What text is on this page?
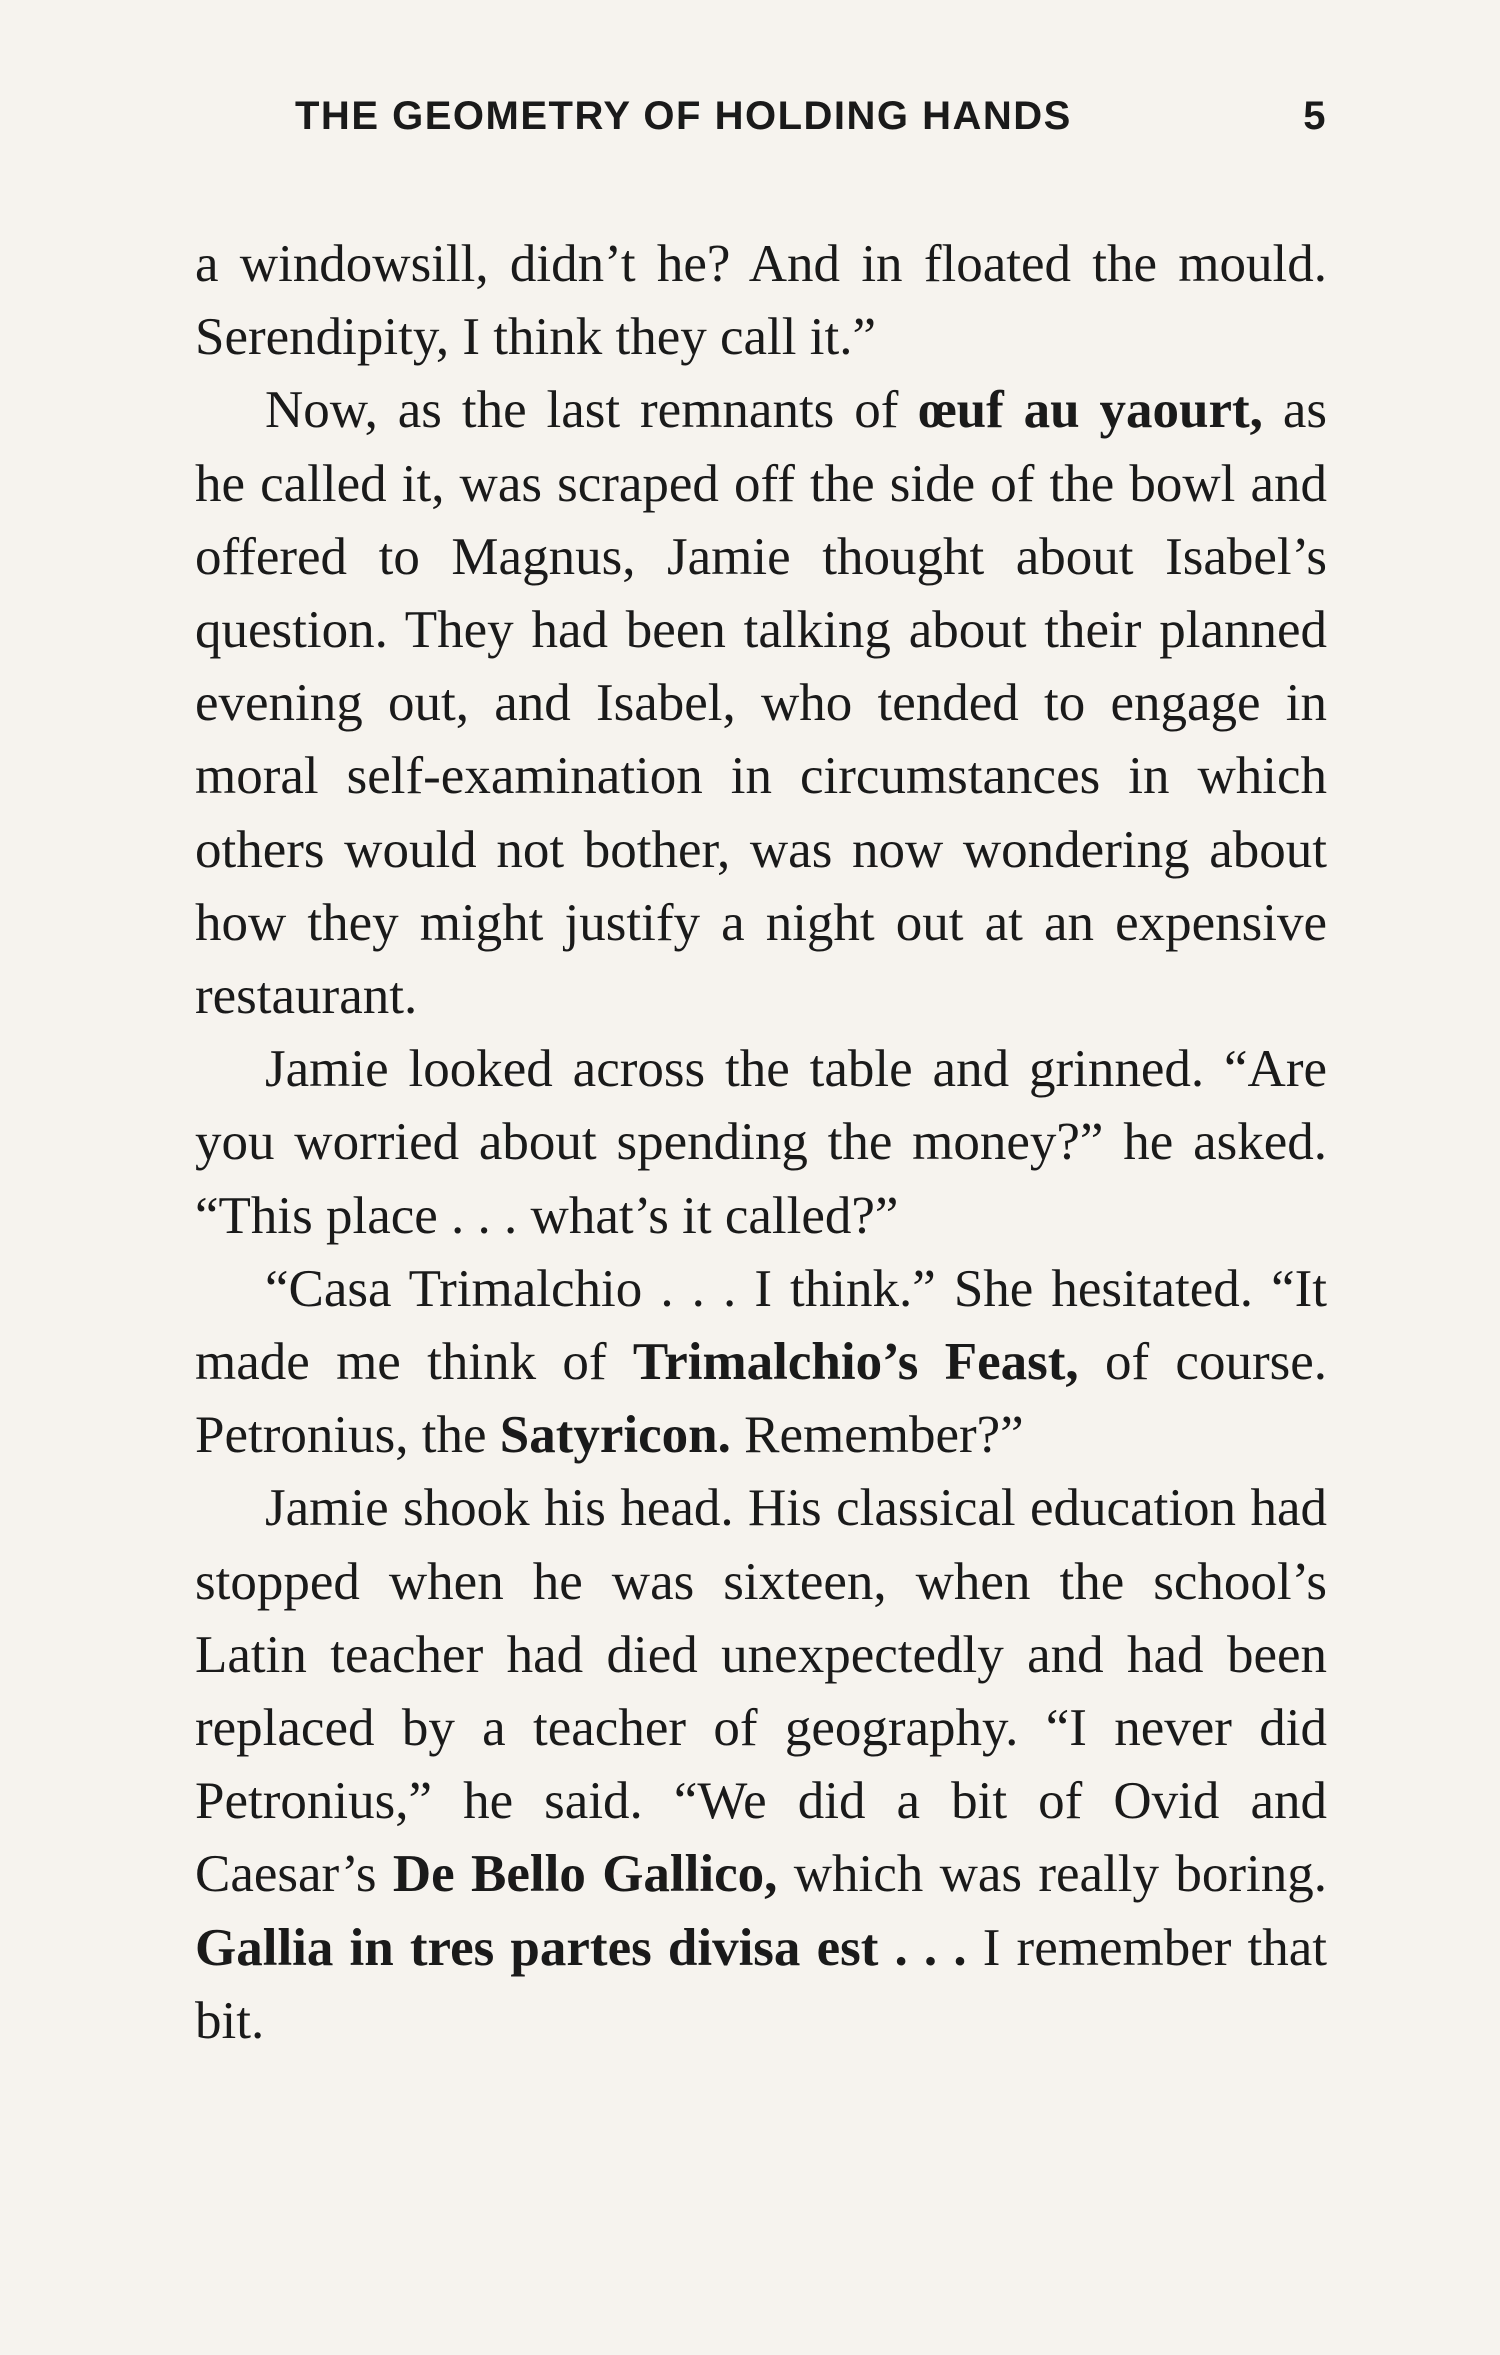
THE GEOMETRY OF HOLDING HANDS	5

a windowsill, didn’t he? And in floated the mould. Serendipity, I think they call it.”

Now, as the last remnants of œuf au yaourt, as he called it, was scraped off the side of the bowl and offered to Magnus, Jamie thought about Isabel’s question. They had been talking about their planned evening out, and Isabel, who tended to engage in moral self-examination in circumstances in which others would not bother, was now wondering about how they might justify a night out at an expensive restaurant.

Jamie looked across the table and grinned. “Are you worried about spending the money?” he asked. “This place . . . what’s it called?”

“Casa Trimalchio . . . I think.” She hesitated. “It made me think of Trimalchio’s Feast, of course. Petronius, the Satyricon. Remember?”

Jamie shook his head. His classical education had stopped when he was sixteen, when the school’s Latin teacher had died unexpectedly and had been replaced by a teacher of geography. “I never did Petronius,” he said. “We did a bit of Ovid and Caesar’s De Bello Gallico, which was really boring. Gallia in tres partes divisa est . . . I remember that bit.
